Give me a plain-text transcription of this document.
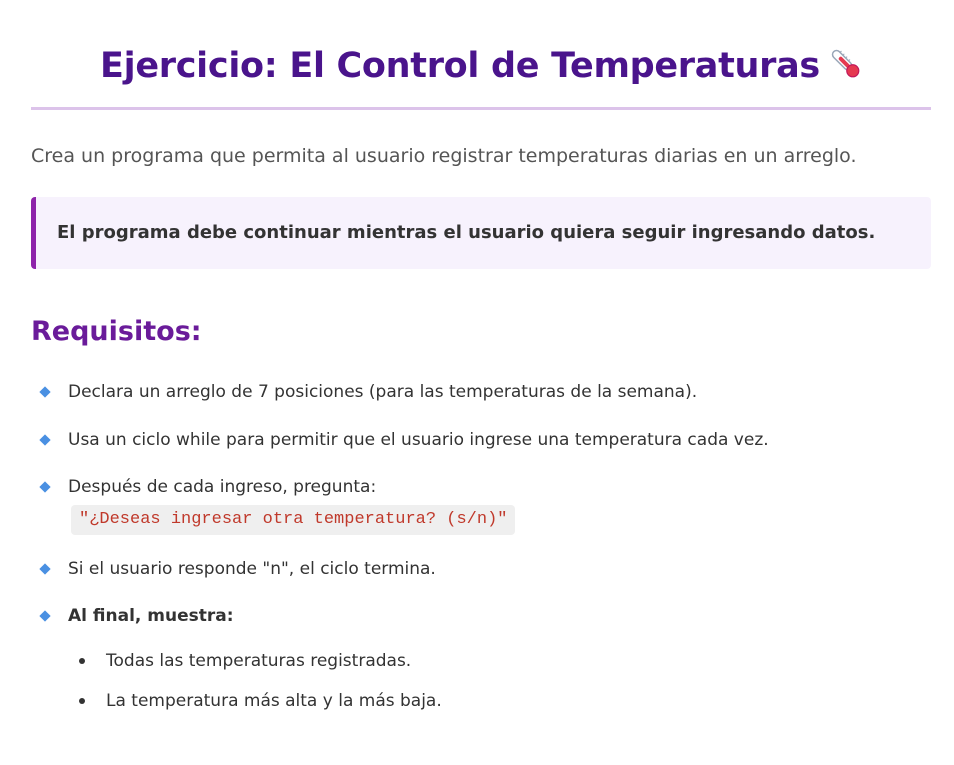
Ejercicio: El Control de Temperaturas

Crea un programa que permita al usuario registrar temperaturas diarias en un arreglo.

El programa debe continuar mientras el usuario quiera seguir ingresando datos.

Requisitos:
Declara un arreglo de 7 posiciones (para las temperaturas de la semana).
Usa un ciclo while para permitir que el usuario ingrese una temperatura cada vez.
Después de cada ingreso, pregunta:
"¿Deseas ingresar otra temperatura? (s/n)"
Si el usuario responde "n", el ciclo termina.
Al final, muestra:
Todas las temperaturas registradas.
La temperatura más alta y la más baja.
